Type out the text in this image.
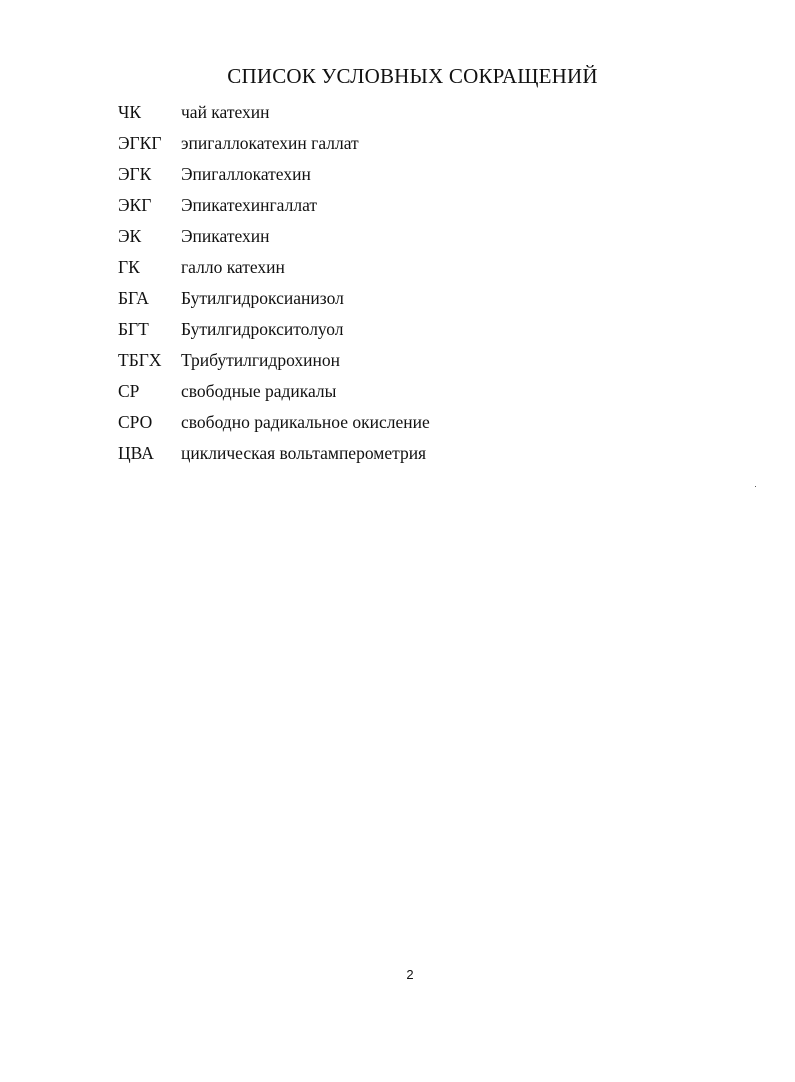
СПИСОК УСЛОВНЫХ СОКРАЩЕНИЙ
ЧК	чай катехин
ЭГКГ	эпигаллокатехин галлат
ЭГК	Эпигаллокатехин
ЭКГ	Эпикатехингаллат
ЭК	Эпикатехин
ГК	галло катехин
БГА	Бутилгидроксианизол
БГТ	Бутилгидрокситолуол
ТБГХ	Трибутилгидрохинон
СР	свободные радикалы
СРО	свободно радикальное окисление
ЦВА	циклическая вольтамперометрия
2
